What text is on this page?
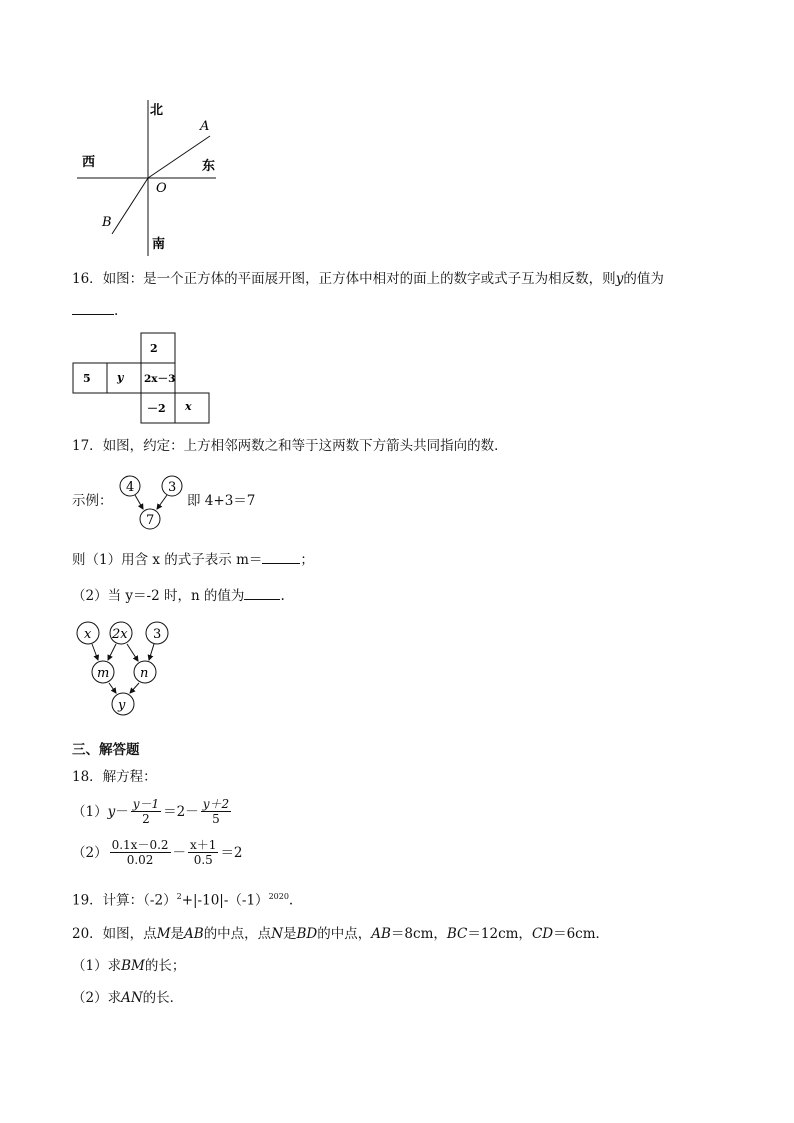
北
南
西	东
A
B
O
16．如图：是一个正方体的平面展开图，正方体中相对的面上的数字或式子互为相反数，则y的值为
.
2
5 y 2x－3
－2 x
17．如图，约定：上方相邻两数之和等于这两数下方箭头共同指向的数．
示例：
4	3
7
即 4+3＝7
则（1）用含 x 的式子表示 m＝	；
（2）当 y＝-2 时，n 的值为	.
x 2x 3
m n
y
三、解答题
18．解方程：
（1） $y - \frac{y-1}{2} =2- \frac{y+2}{5}$
$(2) \frac{0.1x-0.2}{0.02} - \frac{x+1}{0.5} =2$
19．计算：$(-2)^2+|-10|-(-1)^{2020}$.
20．如图，点M是AB的中点，点N是BD的中点，AB＝8cm，BC＝12cm，CD＝6cm．
（1）求BM的长；
（2）求AN的长．
